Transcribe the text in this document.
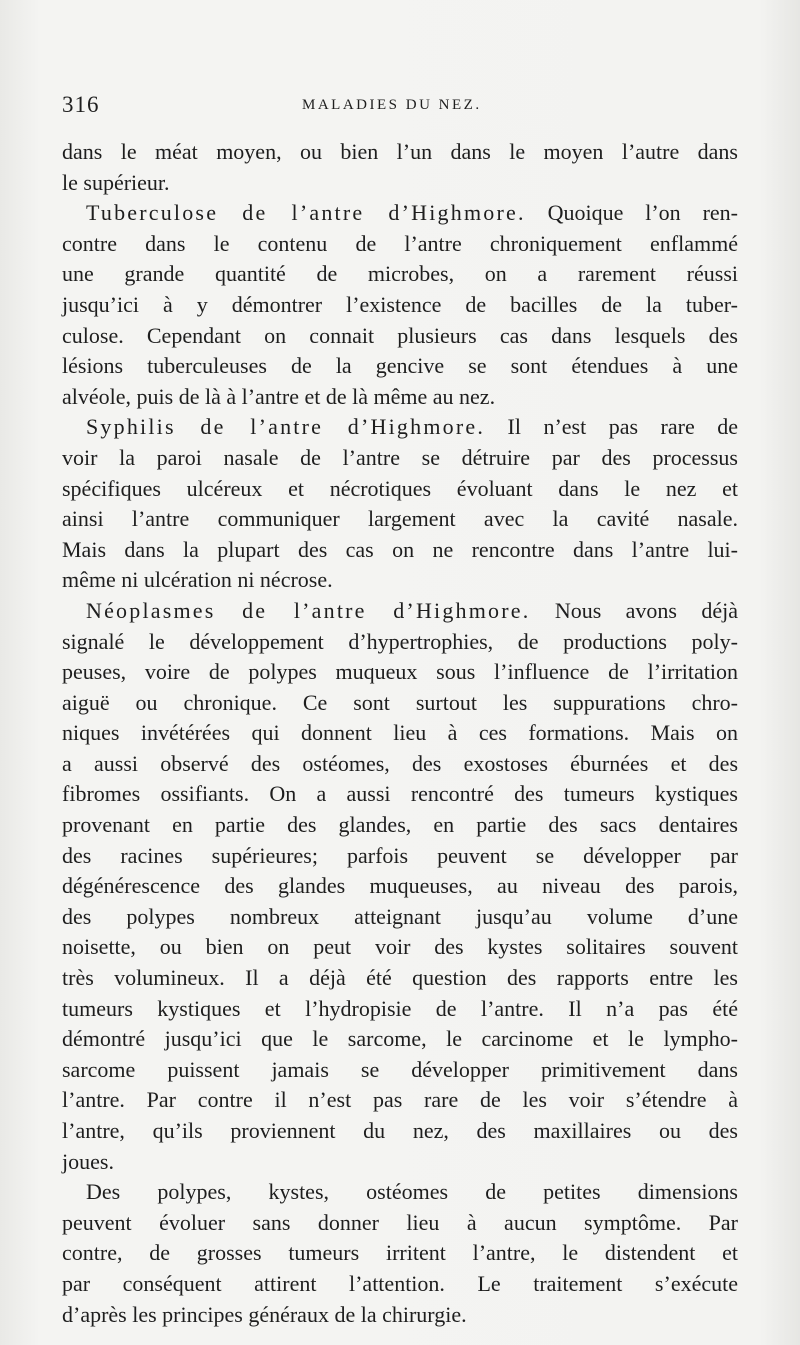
316	MALADIES DU NEZ.
dans le méat moyen, ou bien l’un dans le moyen l’autre dans
le supérieur.
Tuberculose de l’antre d’Highmore. Quoique l’on ren-
contre dans le contenu de l’antre chroniquement enflammé
une grande quantité de microbes, on a rarement réussi
jusqu’ici à y démontrer l’existence de bacilles de la tuber-
culose. Cependant on connait plusieurs cas dans lesquels des
lésions tuberculeuses de la gencive se sont étendues à une
alvéole, puis de là à l’antre et de là même au nez.
Syphilis de l’antre d’Highmore. Il n’est pas rare de
voir la paroi nasale de l’antre se détruire par des processus
spécifiques ulcéreux et nécrotiques évoluant dans le nez et
ainsi l’antre communiquer largement avec la cavité nasale.
Mais dans la plupart des cas on ne rencontre dans l’antre lui-
même ni ulcération ni nécrose.
Néoplasmes de l’antre d’Highmore. Nous avons déjà
signalé le développement d’hypertrophies, de productions poly-
peuses, voire de polypes muqueux sous l’influence de l’irritation
aiguë ou chronique. Ce sont surtout les suppurations chro-
niques invétérées qui donnent lieu à ces formations. Mais on
a aussi observé des ostéomes, des exostoses éburnées et des
fibromes ossifiants. On a aussi rencontré des tumeurs kystiques
provenant en partie des glandes, en partie des sacs dentaires
des racines supérieures; parfois peuvent se développer par
dégénérescence des glandes muqueuses, au niveau des parois,
des polypes nombreux atteignant jusqu’au volume d’une
noisette, ou bien on peut voir des kystes solitaires souvent
très volumineux. Il a déjà été question des rapports entre les
tumeurs kystiques et l’hydropisie de l’antre. Il n’a pas été
démontré jusqu’ici que le sarcome, le carcinome et le lympho-
sarcome puissent jamais se développer primitivement dans
l’antre. Par contre il n’est pas rare de les voir s’étendre à
l’antre, qu’ils proviennent du nez, des maxillaires ou des
joues.
Des polypes, kystes, ostéomes de petites dimensions
peuvent évoluer sans donner lieu à aucun symptôme. Par
contre, de grosses tumeurs irritent l’antre, le distendent et
par conséquent attirent l’attention. Le traitement s’exécute
d’après les principes généraux de la chirurgie.
